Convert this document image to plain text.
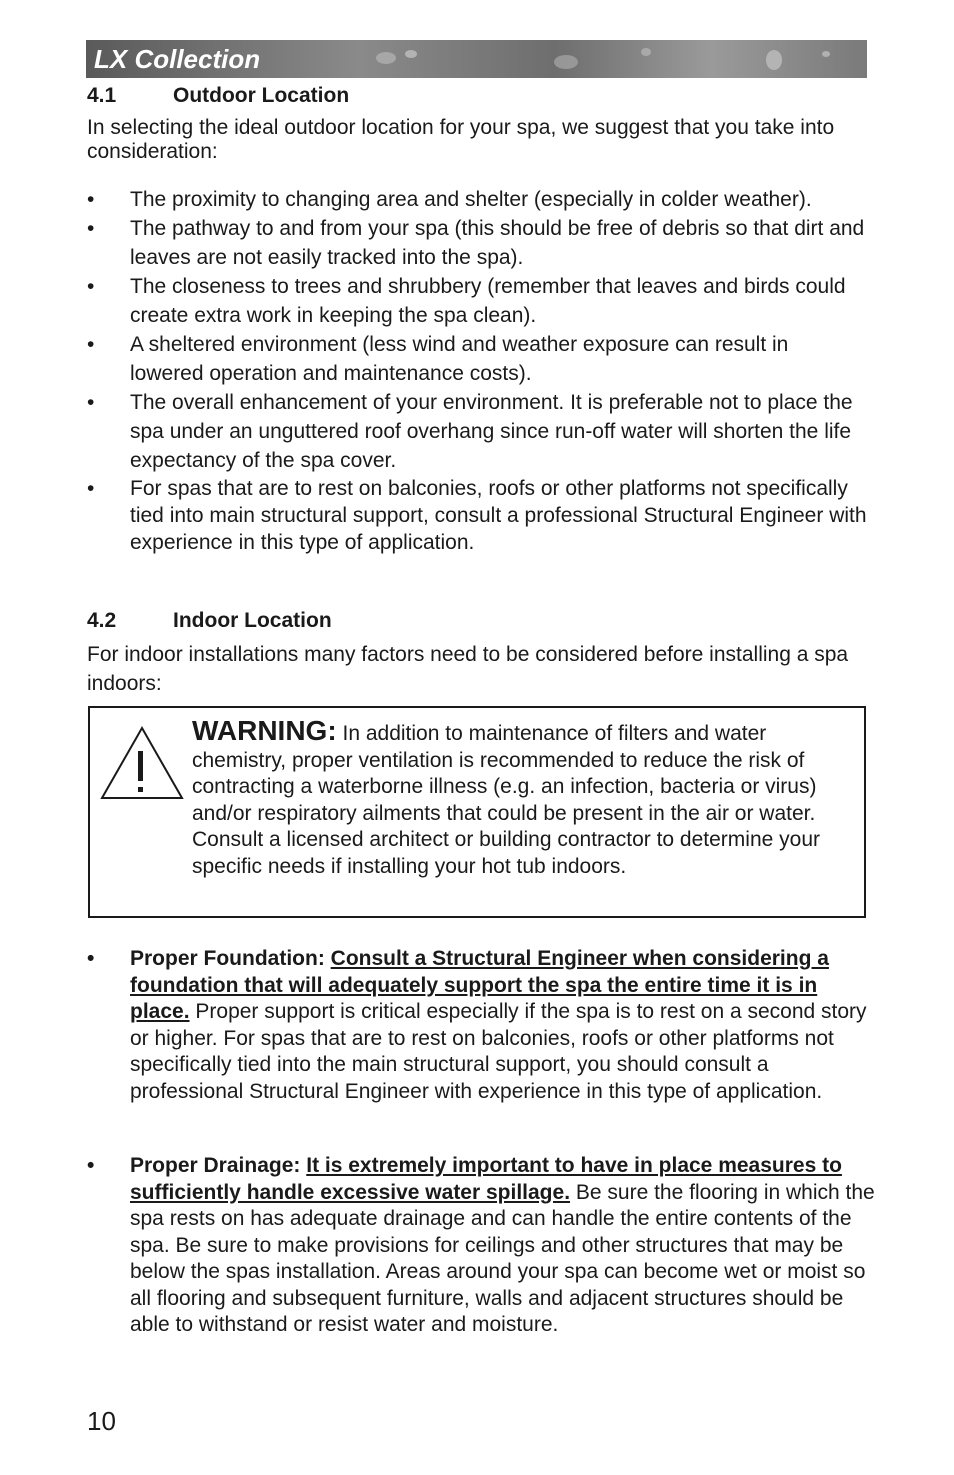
LX Collection
4.1	Outdoor Location
In selecting the ideal outdoor location for your spa, we suggest that you take into consideration:
• The proximity to changing area and shelter (especially in colder weather).
• The pathway to and from your spa (this should be free of debris so that dirt and leaves are not easily tracked into the spa).
• The closeness to trees and shrubbery (remember that leaves and birds could create extra work in keeping the spa clean).
• A sheltered environment (less wind and weather exposure can result in lowered operation and maintenance costs).
• The overall enhancement of your environment. It is preferable not to place the spa under an unguttered roof overhang since run-off water will shorten the life expectancy of the spa cover.
• For spas that are to rest on balconies, roofs or other platforms not specifically tied into main structural support, consult a professional Structural Engineer with experience in this type of application.
4.2	Indoor Location
For indoor installations many factors need to be considered before installing a spa indoors:
WARNING: In addition to maintenance of filters and water chemistry, proper ventilation is recommended to reduce the risk of contracting a waterborne illness (e.g. an infection, bacteria or virus) and/or respiratory ailments that could be present in the air or water. Consult a licensed architect or building contractor to determine your specific needs if installing your hot tub indoors.
• Proper Foundation: Consult a Structural Engineer when considering a foundation that will adequately support the spa the entire time it is in place. Proper support is critical especially if the spa is to rest on a second story or higher. For spas that are to rest on balconies, roofs or other platforms not specifically tied into the main structural support, you should consult a professional Structural Engineer with experience in this type of application.
• Proper Drainage: It is extremely important to have in place measures to sufficiently handle excessive water spillage. Be sure the flooring in which the spa rests on has adequate drainage and can handle the entire contents of the spa. Be sure to make provisions for ceilings and other structures that may be below the spas installation. Areas around your spa can become wet or moist so all flooring and subsequent furniture, walls and adjacent structures should be able to withstand or resist water and moisture.
10
